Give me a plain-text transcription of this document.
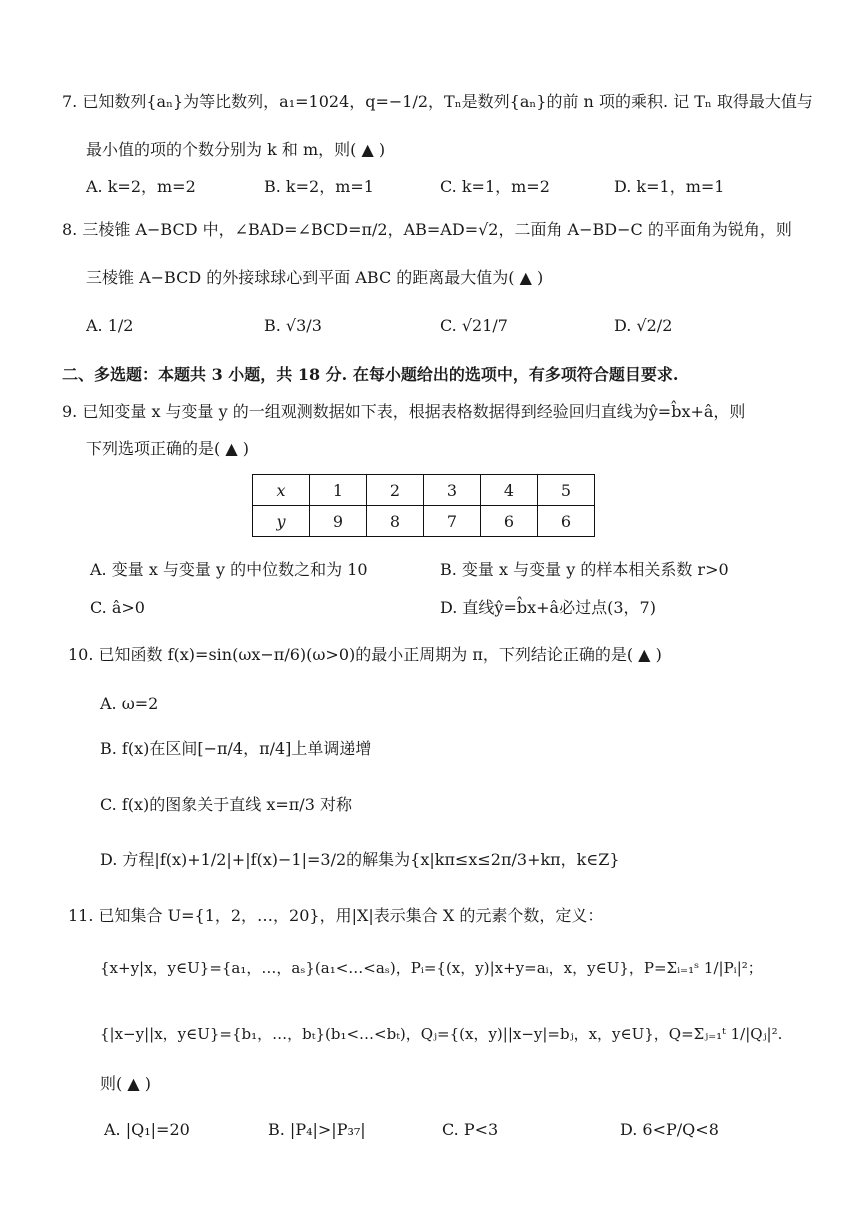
7. 已知数列{aₙ}为等比数列，a₁=1024，q=−1/2，Tₙ是数列{aₙ}的前 n 项的乘积. 记 Tₙ 取得最大值与
最小值的项的个数分别为 k 和 m，则( ▲ )
A. k=2，m=2	B. k=2，m=1	C. k=1，m=2	D. k=1，m=1
8. 三棱锥 A−BCD 中，∠BAD=∠BCD=π/2，AB=AD=√2，二面角 A−BD−C 的平面角为锐角，则
三棱锥 A−BCD 的外接球球心到平面 ABC 的距离最大值为( ▲ )
A. 1/2	B. √3/3	C. √21/7	D. √2/2
二、多选题：本题共 3 小题，共 18 分. 在每小题给出的选项中，有多项符合题目要求.
9. 已知变量 x 与变量 y 的一组观测数据如下表，根据表格数据得到经验回归直线为ŷ=b̂x+â，则
下列选项正确的是( ▲ )
x	1	2	3	4	5
y	9	8	7	6	6
A. 变量 x 与变量 y 的中位数之和为 10	B. 变量 x 与变量 y 的样本相关系数 r>0
C. â>0	D. 直线ŷ=b̂x+â必过点(3，7)
10. 已知函数 f(x)=sin(ωx−π/6)(ω>0)的最小正周期为 π，下列结论正确的是( ▲ )
A. ω=2
B. f(x)在区间[−π/4，π/4]上单调递增
C. f(x)的图象关于直线 x=π/3 对称
D. 方程|f(x)+1/2|+|f(x)−1|=3/2的解集为{x|kπ≤x≤2π/3+kπ，k∈Z}
11. 已知集合 U={1，2，…，20}，用|X|表示集合 X 的元素个数，定义：
{x+y|x，y∈U}={a₁，…，aₛ}(a₁<…<aₛ)，Pᵢ={(x，y)|x+y=aᵢ，x，y∈U}，P=Σᵢ₌₁ˢ 1/|Pᵢ|²；
{|x−y||x，y∈U}={b₁，…，bₜ}(b₁<…<bₜ)，Qⱼ={(x，y)||x−y|=bⱼ，x，y∈U}，Q=Σⱼ₌₁ᵗ 1/|Qⱼ|².
则( ▲ )
A. |Q₁|=20	B. |P₄|>|P₃₇|	C. P<3	D. 6<P/Q<8
